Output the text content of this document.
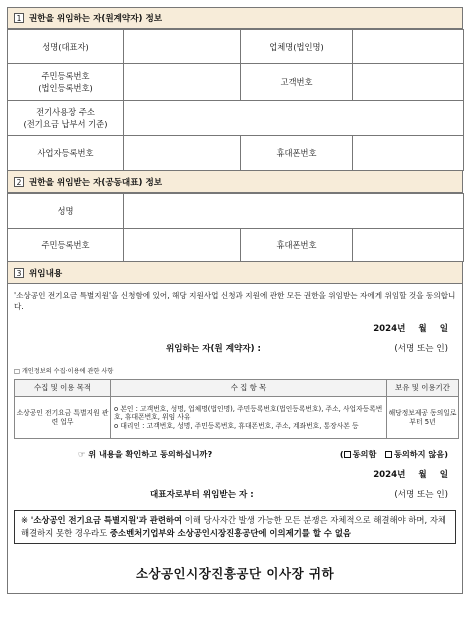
1 권한을 위임하는 자(원계약자) 정보
성명(대표자)		업체명(법인명)	

주민등록번호
(법인등록번호)		고객번호	

전기사용장 주소
(전기요금 납부서 기준)			

사업자등록번호		휴대폰번호	
2 권한을 위임받는 자(공동대표) 정보
성명			
주민등록번호		휴대폰번호	
3 위임내용
'소상공인 전기요금 특별지원'을 신청함에 있어, 해당 지원사업 신청과 지원에 관한 모든 권한을 위임받는 자에게 위임할 것을 동의합니다.
2024년 월 일
위임하는 자(원 계약자) :	(서명 또는 인)
□ 개인정보의 수집·이용에 관한 사항
수집 및 이용 목적	수 집 항 목	보유 및 이용기간
소상공인 전기요금 특별지원 관련 업무	o 본인 : 고객번호, 성명, 업체명(법인명), 주민등록번호(법인등록번호), 주소, 사업자등록번호, 휴대폰번호, 위임 사유
o 대리인 : 고객번호, 성명, 주민등록번호, 휴대폰번호, 주소, 계좌번호, 통장사본 등	해당정보제공 동의일로부터 5년
☞ 위 내용을 확인하고 동의하십니까?	( 동의함 동의하지 않음)
2024년 월 일
대표자로부터 위임받는 자 :	(서명 또는 인)
※ '소상공인 전기요금 특별지원'과 관련하여 이해 당사자간 발생 가능한 모든 분쟁은 자체적으로 해결해야 하며, 자체 해결하지 못한 경우라도 중소벤처기업부와 소상공인시장진흥공단에 이의제기를 할 수 없음
소상공인시장진흥공단 이사장 귀하
